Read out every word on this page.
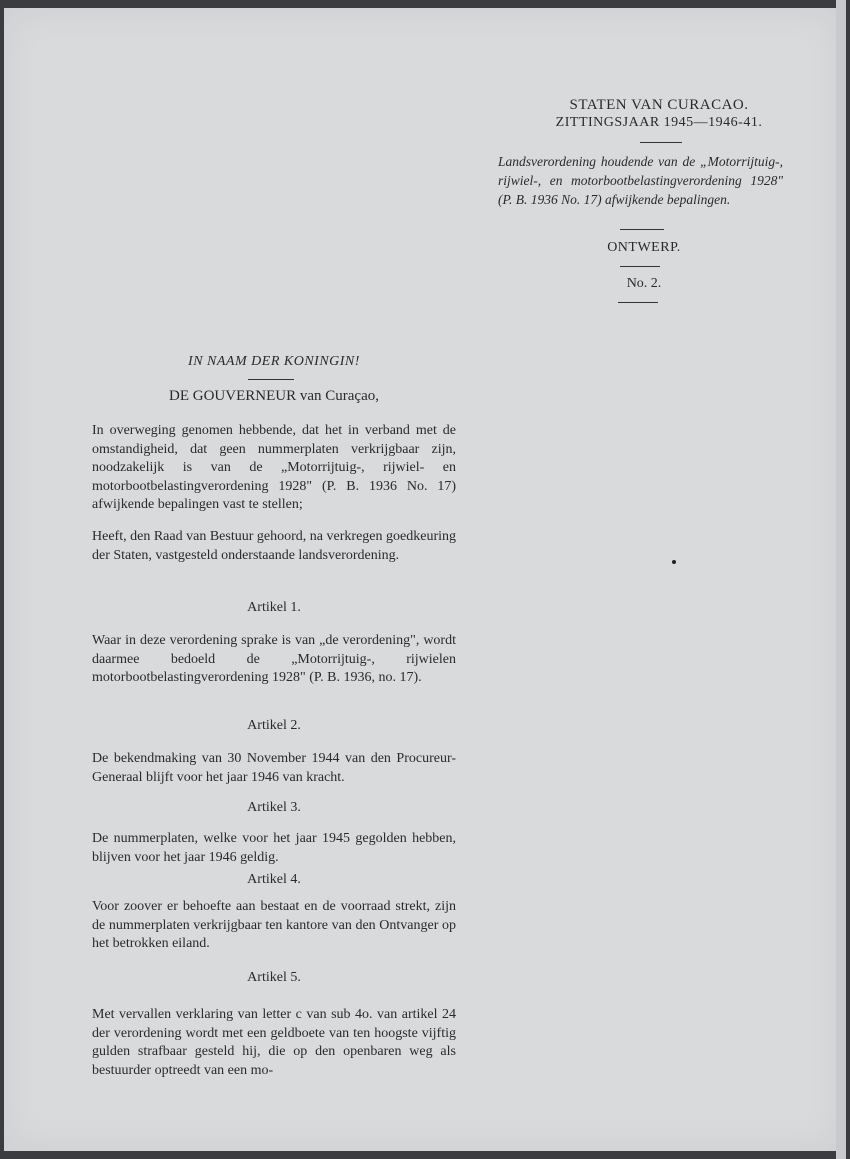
STATEN VAN CURACAO.
ZITTINGSJAAR 1945—1946-41.
Landsverordening houdende van de „Motorrijtuig-, rijwiel-, en motorbootbelastingverordening 1928" (P. B. 1936 No. 17) afwijkende bepalingen.
ONTWERP.
No. 2.
IN NAAM DER KONINGIN!
DE GOUVERNEUR van Curaçao,

In overweging genomen hebbende, dat het in verband met de omstandigheid, dat geen nummerplaten verkrijgbaar zijn, noodzakelijk is van de „Motorrijtuig-, rijwiel- en motorbootbelastingverordening 1928" (P. B. 1936 No. 17) afwijkende bepalingen vast te stellen;

Heeft, den Raad van Bestuur gehoord, na verkregen goedkeuring der Staten, vastgesteld onderstaande landsverordening.

Artikel 1.

Waar in deze verordening sprake is van „de verordening", wordt daarmee bedoeld de „Motorrijtuig-, rijwielen motorbootbelastingverordening 1928" (P. B. 1936, no. 17).

Artikel 2.

De bekendmaking van 30 November 1944 van den Procureur-Generaal blijft voor het jaar 1946 van kracht.

Artikel 3.

De nummerplaten, welke voor het jaar 1945 gegolden hebben, blijven voor het jaar 1946 geldig.

Artikel 4.

Voor zoover er behoefte aan bestaat en de voorraad strekt, zijn de nummerplaten verkrijgbaar ten kantore van den Ontvanger op het betrokken eiland.

Artikel 5.

Met vervallen verklaring van letter c van sub 4o. van artikel 24 der verordening wordt met een geldboete van ten hoogste vijftig gulden strafbaar gesteld hij, die op den openbaren weg als bestuurder optreedt van een mo-
